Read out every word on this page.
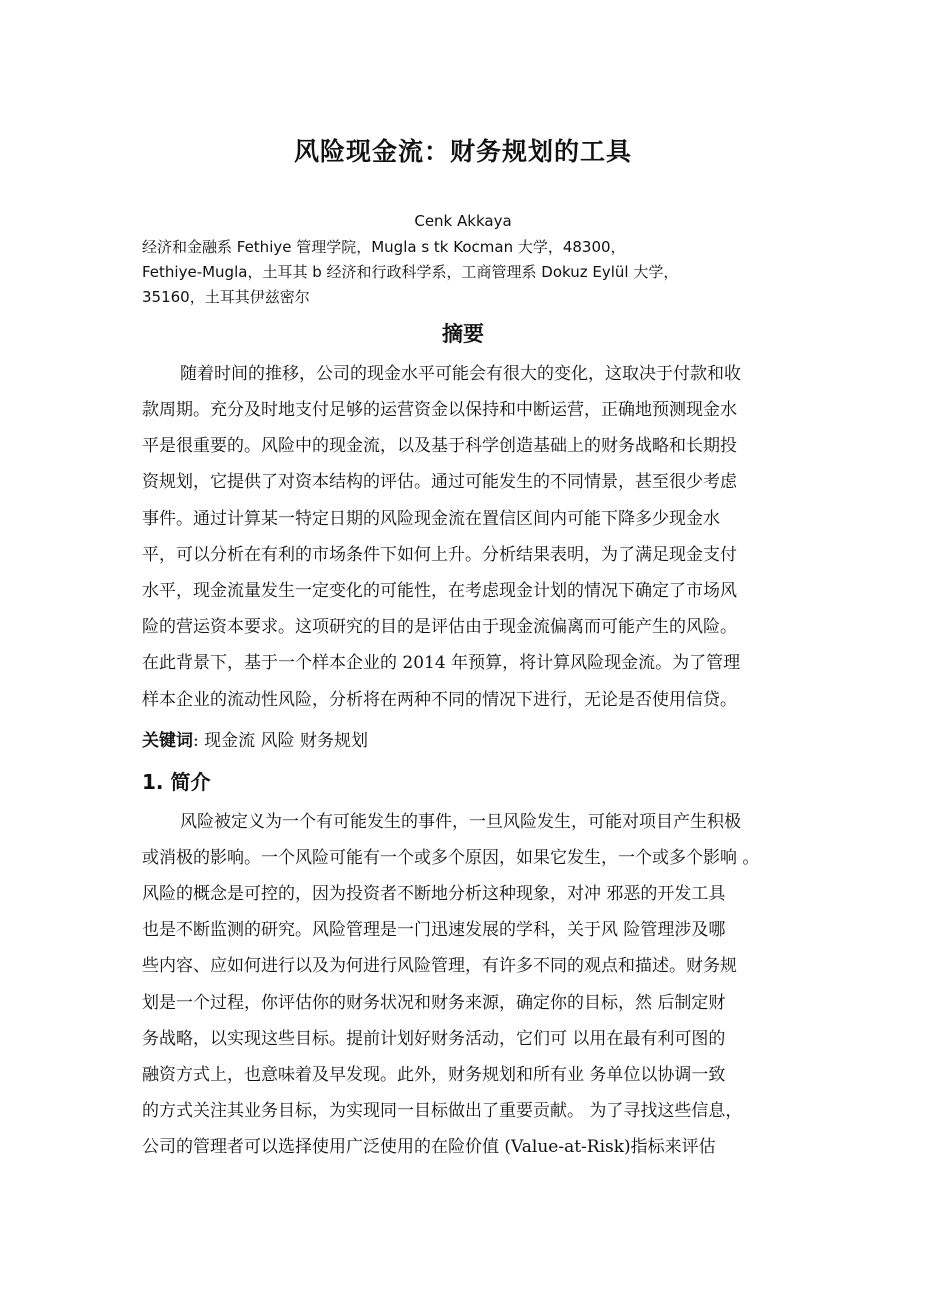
风险现金流：财务规划的工具
Cenk Akkaya
经济和金融系 Fethiye 管理学院，Mugla s tk Kocman 大学，48300，
Fethiye-Mugla，土耳其 b 经济和行政科学系，工商管理系 Dokuz Eylül 大学，
35160，土耳其伊兹密尔
摘要
随着时间的推移，公司的现金水平可能会有很大的变化，这取决于付款和收
款周期。充分及时地支付足够的运营资金以保持和中断运营，正确地预测现金水
平是很重要的。风险中的现金流，以及基于科学创造基础上的财务战略和长期投
资规划，它提供了对资本结构的评估。通过可能发生的不同情景，甚至很少考虑
事件。通过计算某一特定日期的风险现金流在置信区间内可能下降多少现金水
平，可以分析在有利的市场条件下如何上升。分析结果表明，为了满足现金支付
水平，现金流量发生一定变化的可能性，在考虑现金计划的情况下确定了市场风
险的营运资本要求。这项研究的目的是评估由于现金流偏离而可能产生的风险。
在此背景下，基于一个样本企业的 2014 年预算，将计算风险现金流。为了管理
样本企业的流动性风险，分析将在两种不同的情况下进行，无论是否使用信贷。
关键词: 现金流 风险 财务规划
1. 简介
风险被定义为一个有可能发生的事件，一旦风险发生，可能对项目产生积极
或消极的影响。一个风险可能有一个或多个原因，如果它发生，一个或多个影响 。
风险的概念是可控的，因为投资者不断地分析这种现象，对冲 邪恶的开发工具
也是不断监测的研究。风险管理是一门迅速发展的学科，关于风 险管理涉及哪
些内容、应如何进行以及为何进行风险管理，有许多不同的观点和描述。财务规
划是一个过程，你评估你的财务状况和财务来源，确定你的目标，然 后制定财
务战略，以实现这些目标。提前计划好财务活动，它们可 以用在最有利可图的
融资方式上，也意味着及早发现。此外，财务规划和所有业 务单位以协调一致
的方式关注其业务目标，为实现同一目标做出了重要贡献。 为了寻找这些信息，
公司的管理者可以选择使用广泛使用的在险价值 (Value-at-Risk)指标来评估
